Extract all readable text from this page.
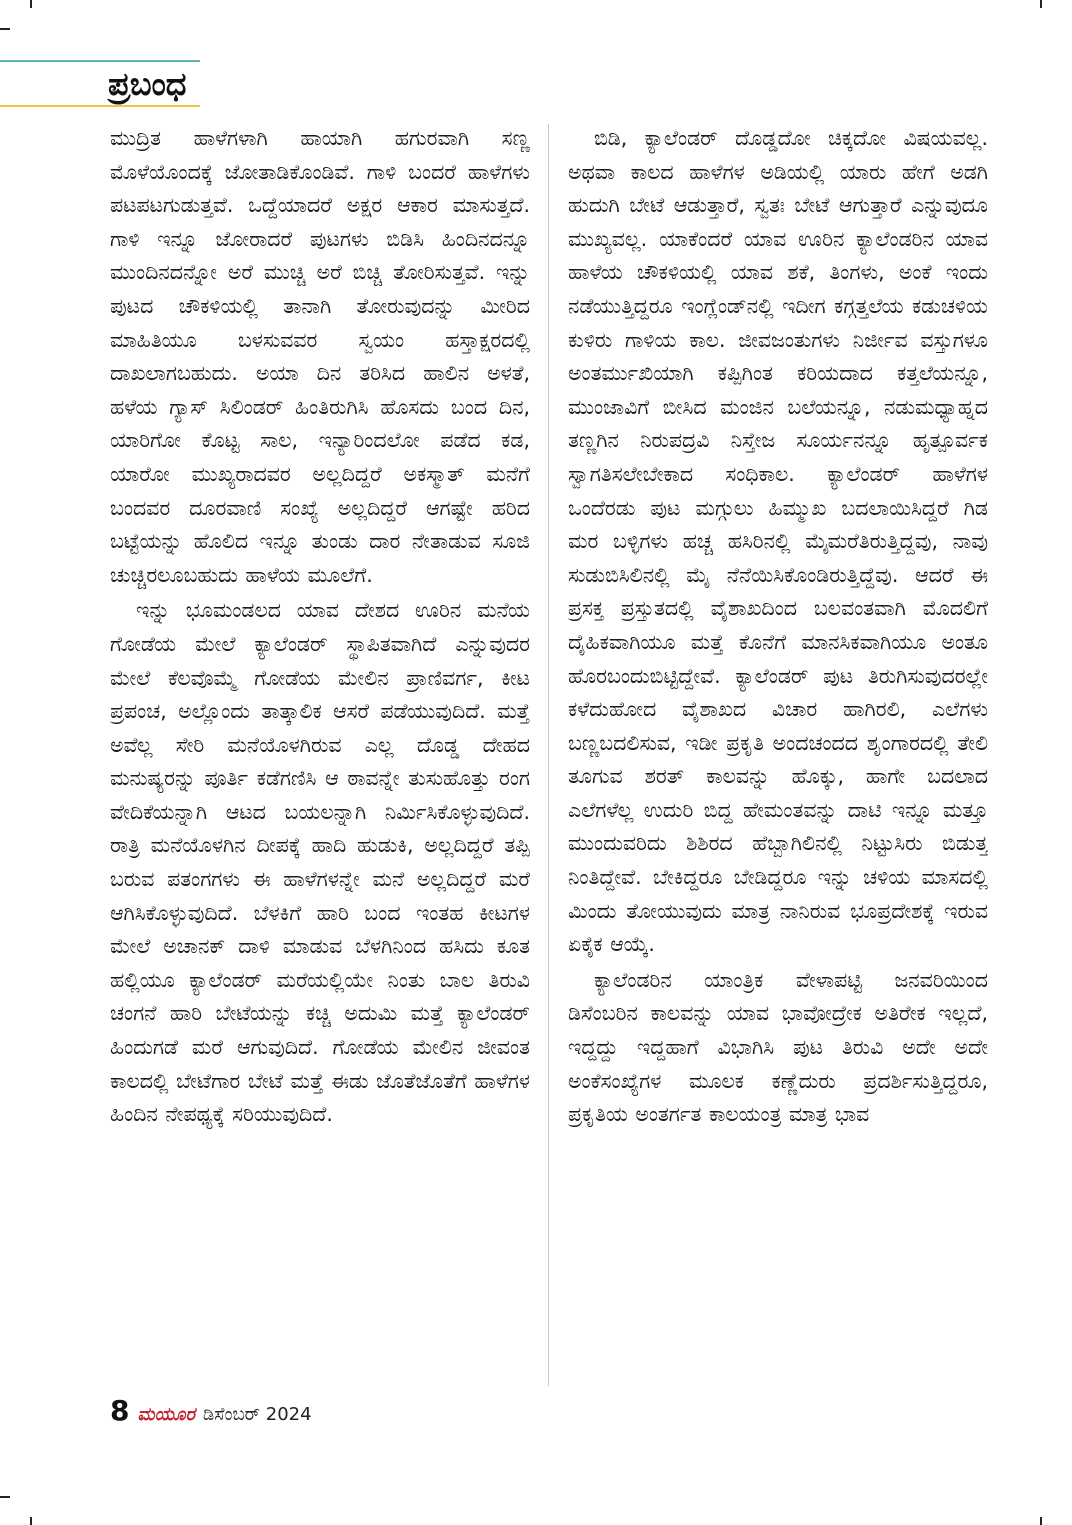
ಪ್ರಬಂಧ

ಮುದ್ರಿತ ಹಾಳೆಗಳಾಗಿ ಹಾಯಾಗಿ ಹಗುರವಾಗಿ ಸಣ್ಣ ಮೊಳೆಯೊಂದಕ್ಕೆ ಜೋತಾಡಿಕೊಂಡಿವೆ. ಗಾಳಿ ಬಂದರೆ ಹಾಳೆಗಳು ಪಟಪಟಗುಡುತ್ತವೆ. ಒದ್ದೆಯಾದರೆ ಅಕ್ಷರ ಆಕಾರ ಮಾಸುತ್ತದೆ. ಗಾಳಿ ಇನ್ನೂ ಜೋರಾದರೆ ಪುಟಗಳು ಬಿಡಿಸಿ ಹಿಂದಿನದನ್ನೂ ಮುಂದಿನದನ್ನೋ ಅರೆ ಮುಚ್ಚಿ ಅರೆ ಬಿಚ್ಚಿ ತೋರಿಸುತ್ತವೆ. ಇನ್ನು ಪುಟದ ಚೌಕಳಿಯಲ್ಲಿ ತಾನಾಗಿ ತೋರುವುದನ್ನು ಮೀರಿದ ಮಾಹಿತಿಯೂ ಬಳಸುವವರ ಸ್ವಯಂ ಹಸ್ತಾಕ್ಷರದಲ್ಲಿ ದಾಖಲಾಗಬಹುದು. ಅಯಾ ದಿನ ತರಿಸಿದ ಹಾಲಿನ ಅಳತೆ, ಹಳೆಯ ಗ್ಯಾಸ್ ಸಿಲಿಂಡರ್ ಹಿಂತಿರುಗಿಸಿ ಹೊಸದು ಬಂದ ದಿನ, ಯಾರಿಗೋ ಕೊಟ್ಟ ಸಾಲ, ಇನ್ಯಾರಿಂದಲೋ ಪಡೆದ ಕಡ, ಯಾರೋ ಮುಖ್ಯರಾದವರ ಅಲ್ಲದಿದ್ದರೆ ಅಕಸ್ಮಾತ್ ಮನೆಗೆ ಬಂದವರ ದೂರವಾಣಿ ಸಂಖ್ಯೆ ಅಲ್ಲದಿದ್ದರೆ ಆಗಷ್ಟೇ ಹರಿದ ಬಟ್ಟೆಯನ್ನು ಹೊಲಿದ ಇನ್ನೂ ತುಂಡು ದಾರ ನೇತಾಡುವ ಸೂಜಿ ಚುಚ್ಚಿರಲೂಬಹುದು ಹಾಳೆಯ ಮೂಲೆಗೆ.

ಇನ್ನು ಭೂಮಂಡಲದ ಯಾವ ದೇಶದ ಊರಿನ ಮನೆಯ ಗೋಡೆಯ ಮೇಲೆ ಕ್ಯಾಲೆಂಡರ್ ಸ್ಥಾಪಿತವಾಗಿದೆ ಎನ್ನುವುದರ ಮೇಲೆ ಕೆಲವೊಮ್ಮೆ ಗೋಡೆಯ ಮೇಲಿನ ಪ್ರಾಣಿವರ್ಗ, ಕೀಟ ಪ್ರಪಂಚ, ಅಲ್ಲೊಂದು ತಾತ್ಕಾಲಿಕ ಆಸರೆ ಪಡೆಯುವುದಿದೆ. ಮತ್ತೆ ಅವೆಲ್ಲ ಸೇರಿ ಮನೆಯೊಳಗಿರುವ ಎಲ್ಲ ದೊಡ್ಡ ದೇಹದ ಮನುಷ್ಯರನ್ನು ಪೂರ್ತಿ ಕಡೆಗಣಿಸಿ ಆ ಠಾವನ್ನೇ ತುಸುಹೊತ್ತು ರಂಗ ವೇದಿಕೆಯನ್ನಾಗಿ ಆಟದ ಬಯಲನ್ನಾಗಿ ನಿರ್ಮಿಸಿಕೊಳ್ಳುವುದಿದೆ. ರಾತ್ರಿ ಮನೆಯೊಳಗಿನ ದೀಪಕ್ಕೆ ಹಾದಿ ಹುಡುಕಿ, ಅಲ್ಲದಿದ್ದರೆ ತಪ್ಪಿ ಬರುವ ಪತಂಗಗಳು ಈ ಹಾಳೆಗಳನ್ನೇ ಮನೆ ಅಲ್ಲದಿದ್ದರೆ ಮರೆ ಆಗಿಸಿಕೊಳ್ಳುವುದಿದೆ. ಬೆಳಕಿಗೆ ಹಾರಿ ಬಂದ ಇಂತಹ ಕೀಟಗಳ ಮೇಲೆ ಅಚಾನಕ್ ದಾಳಿ ಮಾಡುವ ಬೆಳಗಿನಿಂದ ಹಸಿದು ಕೂತ ಹಲ್ಲಿಯೂ ಕ್ಯಾಲೆಂಡರ್ ಮರೆಯಲ್ಲಿಯೇ ನಿಂತು ಬಾಲ ತಿರುವಿ ಚಂಗನೆ ಹಾರಿ ಬೇಟೆಯನ್ನು ಕಚ್ಚಿ ಅದುಮಿ ಮತ್ತೆ ಕ್ಯಾಲೆಂಡರ್ ಹಿಂದುಗಡೆ ಮರೆ ಆಗುವುದಿದೆ. ಗೋಡೆಯ ಮೇಲಿನ ಜೀವಂತ ಕಾಲದಲ್ಲಿ ಬೇಟೆಗಾರ ಬೇಟೆ ಮತ್ತೆ ಈಡು ಜೊತೆಜೊತೆಗೆ ಹಾಳೆಗಳ ಹಿಂದಿನ ನೇಪಥ್ಯಕ್ಕೆ ಸರಿಯುವುದಿದೆ.

ಬಿಡಿ, ಕ್ಯಾಲೆಂಡರ್ ದೊಡ್ಡದೋ ಚಿಕ್ಕದೋ ವಿಷಯವಲ್ಲ. ಅಥವಾ ಕಾಲದ ಹಾಳೆಗಳ ಅಡಿಯಲ್ಲಿ ಯಾರು ಹೇಗೆ ಅಡಗಿ ಹುದುಗಿ ಬೇಟೆ ಆಡುತ್ತಾರೆ, ಸ್ವತಃ ಬೇಟೆ ಆಗುತ್ತಾರೆ ಎನ್ನುವುದೂ ಮುಖ್ಯವಲ್ಲ. ಯಾಕೆಂದರೆ ಯಾವ ಊರಿನ ಕ್ಯಾಲೆಂಡರಿನ ಯಾವ ಹಾಳೆಯ ಚೌಕಳಿಯಲ್ಲಿ ಯಾವ ಶಕೆ, ತಿಂಗಳು, ಅಂಕೆ ಇಂದು ನಡೆಯುತ್ತಿದ್ದರೂ ಇಂಗ್ಲೆಂಡ್‌ನಲ್ಲಿ ಇದೀಗ ಕಗ್ಗತ್ತಲೆಯ ಕಡುಚಳಿಯ ಕುಳಿರು ಗಾಳಿಯ ಕಾಲ. ಜೀವಜಂತುಗಳು ನಿರ್ಜೀವ ವಸ್ತುಗಳೂ ಅಂತರ್ಮುಖಿಯಾಗಿ ಕಪ್ಪಿಗಿಂತ ಕರಿಯದಾದ ಕತ್ತಲೆಯನ್ನೂ, ಮುಂಜಾವಿಗೆ ಬೀಸಿದ ಮಂಜಿನ ಬಲೆಯನ್ನೂ, ನಡುಮಧ್ಯಾಹ್ನದ ತಣ್ಣಗಿನ ನಿರುಪದ್ರವಿ ನಿಸ್ತೇಜ ಸೂರ್ಯನನ್ನೂ ಹೃತ್ಪೂರ್ವಕ ಸ್ವಾಗತಿಸಲೇಬೇಕಾದ ಸಂಧಿಕಾಲ. ಕ್ಯಾಲೆಂಡರ್ ಹಾಳೆಗಳ ಒಂದೆರಡು ಪುಟ ಮಗ್ಗುಲು ಹಿಮ್ಮುಖ ಬದಲಾಯಿಸಿದ್ದರೆ ಗಿಡ ಮರ ಬಳ್ಳಿಗಳು ಹಚ್ಚ ಹಸಿರಿನಲ್ಲಿ ಮೈಮರೆತಿರುತ್ತಿದ್ದವು, ನಾವು ಸುಡುಬಿಸಿಲಿನಲ್ಲಿ ಮೈ ನೆನೆಯಿಸಿಕೊಂಡಿರುತ್ತಿದ್ದೆವು. ಆದರೆ ಈ ಪ್ರಸಕ್ತ ಪ್ರಸ್ತುತದಲ್ಲಿ ವೈಶಾಖದಿಂದ ಬಲವಂತವಾಗಿ ಮೊದಲಿಗೆ ದೈಹಿಕವಾಗಿಯೂ ಮತ್ತೆ ಕೊನೆಗೆ ಮಾನಸಿಕವಾಗಿಯೂ ಅಂತೂ ಹೊರಬಂದುಬಿಟ್ಟಿದ್ದೇವೆ. ಕ್ಯಾಲೆಂಡರ್ ಪುಟ ತಿರುಗಿಸುವುದರಲ್ಲೇ ಕಳೆದುಹೋದ ವೈಶಾಖದ ವಿಚಾರ ಹಾಗಿರಲಿ, ಎಲೆಗಳು ಬಣ್ಣಬದಲಿಸುವ, ಇಡೀ ಪ್ರಕೃತಿ ಅಂದಚಂದದ ಶೃಂಗಾರದಲ್ಲಿ ತೇಲಿ ತೂಗುವ ಶರತ್ ಕಾಲವನ್ನು ಹೊಕ್ಕು, ಹಾಗೇ ಬದಲಾದ ಎಲೆಗಳೆಲ್ಲ ಉದುರಿ ಬಿದ್ದ ಹೇಮಂತವನ್ನು ದಾಟಿ ಇನ್ನೂ ಮತ್ತೂ ಮುಂದುವರಿದು ಶಿಶಿರದ ಹೆಬ್ಬಾಗಿಲಿನಲ್ಲಿ ನಿಟ್ಟುಸಿರು ಬಿಡುತ್ತ ನಿಂತಿದ್ದೇವೆ. ಬೇಕಿದ್ದರೂ ಬೇಡಿದ್ದರೂ ಇನ್ನು ಚಳಿಯ ಮಾಸದಲ್ಲಿ ಮಿಂದು ತೋಯುವುದು ಮಾತ್ರ ನಾನಿರುವ ಭೂಪ್ರದೇಶಕ್ಕೆ ಇರುವ ಏಕೈಕ ಆಯ್ಕೆ.

ಕ್ಯಾಲೆಂಡರಿನ ಯಾಂತ್ರಿಕ ವೇಳಾಪಟ್ಟಿ ಜನವರಿಯಿಂದ ಡಿಸೆಂಬರಿನ ಕಾಲವನ್ನು ಯಾವ ಭಾವೋದ್ರೇಕ ಅತಿರೇಕ ಇಲ್ಲದೆ, ಇದ್ದದ್ದು ಇದ್ದಹಾಗೆ ವಿಭಾಗಿಸಿ ಪುಟ ತಿರುವಿ ಅದೇ ಅದೇ ಅಂಕೆಸಂಖ್ಯೆಗಳ ಮೂಲಕ ಕಣ್ಣೆದುರು ಪ್ರದರ್ಶಿಸುತ್ತಿದ್ದರೂ, ಪ್ರಕೃತಿಯ ಅಂತರ್ಗತ ಕಾಲಯಂತ್ರ ಮಾತ್ರ ಭಾವ

8 ಮಯೂರ ಡಿಸೆಂಬರ್ 2024
